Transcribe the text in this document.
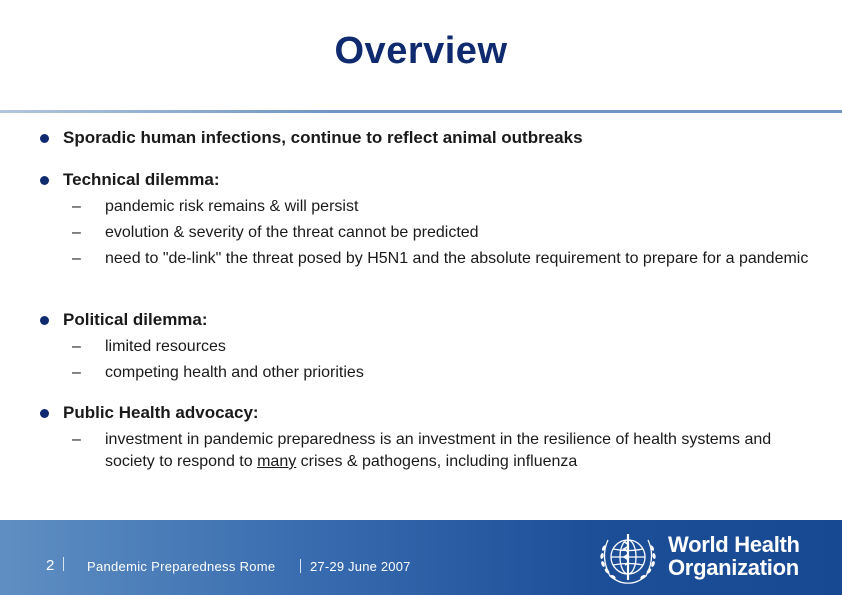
Overview
Sporadic human infections, continue to reflect animal outbreaks
Technical dilemma:
–	pandemic risk remains & will persist
–	evolution & severity of the threat cannot be predicted
–	need to "de-link" the threat posed by H5N1 and the absolute requirement to prepare for a pandemic
Political dilemma:
–	limited resources
–	competing health and other priorities
Public Health advocacy:
–	investment in pandemic preparedness is an investment in the resilience of health systems and society to respond to many crises & pathogens, including influenza
2	Pandemic Preparedness Rome	27-29 June 2007
World Health
Organization
